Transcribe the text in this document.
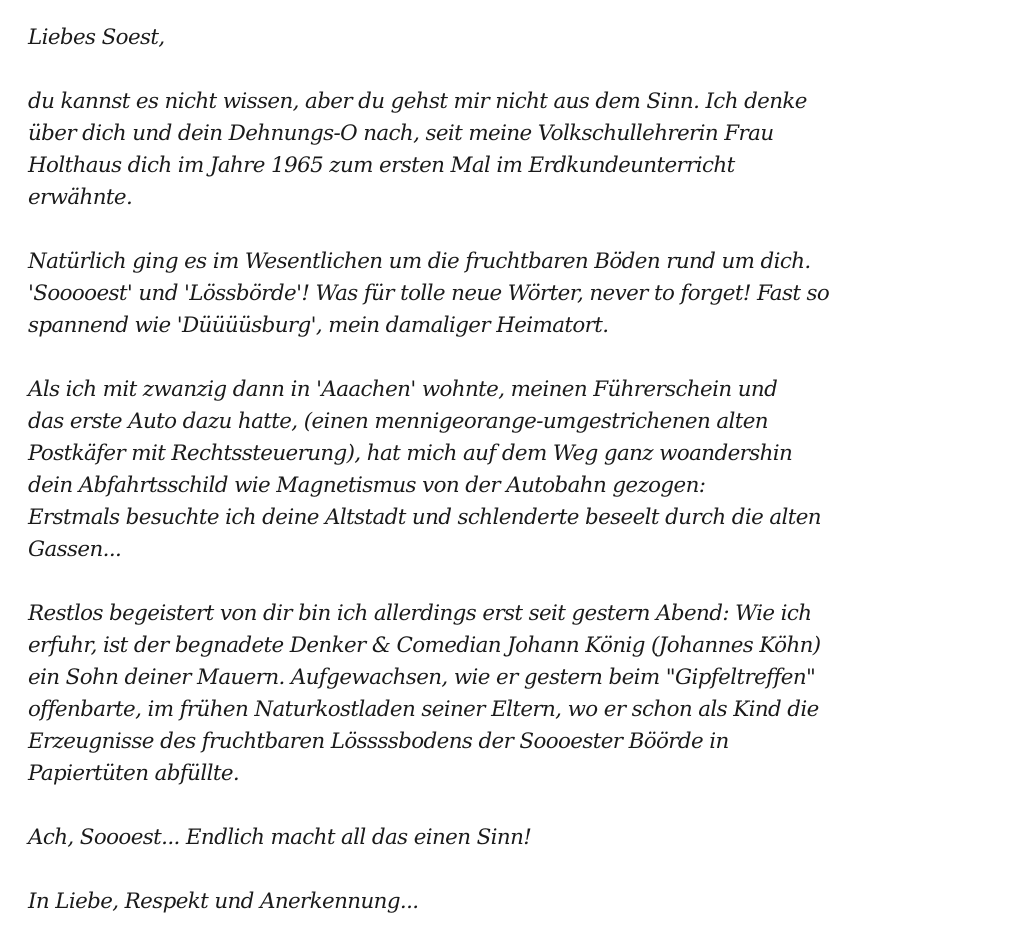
Liebes Soest,
du kannst es nicht wissen, aber du gehst mir nicht aus dem Sinn. Ich denke
über dich und dein Dehnungs-O nach, seit meine Volkschullehrerin Frau
Holthaus dich im Jahre 1965 zum ersten Mal im Erdkundeunterricht
erwähnte.
Natürlich ging es im Wesentlichen um die fruchtbaren Böden rund um dich.
'Sooooest' und 'Lössbörde'! Was für tolle neue Wörter, never to forget! Fast so
spannend wie 'Düüüüsburg', mein damaliger Heimatort.
Als ich mit zwanzig dann in 'Aaachen' wohnte, meinen Führerschein und
das erste Auto dazu hatte, (einen mennigeorange-umgestrichenen alten
Postkäfer mit Rechtssteuerung), hat mich auf dem Weg ganz woandershin
dein Abfahrtsschild wie Magnetismus von der Autobahn gezogen:
Erstmals besuchte ich deine Altstadt und schlenderte beseelt durch die alten
Gassen...
Restlos begeistert von dir bin ich allerdings erst seit gestern Abend: Wie ich
erfuhr, ist der begnadete Denker & Comedian Johann König (Johannes Köhn)
ein Sohn deiner Mauern. Aufgewachsen, wie er gestern beim "Gipfeltreffen"
offenbarte, im frühen Naturkostladen seiner Eltern, wo er schon als Kind die
Erzeugnisse des fruchtbaren Lössssbodens der Soooester Böörde in
Papiertüten abfüllte.
Ach, Soooest... Endlich macht all das einen Sinn!
In Liebe, Respekt und Anerkennung...
